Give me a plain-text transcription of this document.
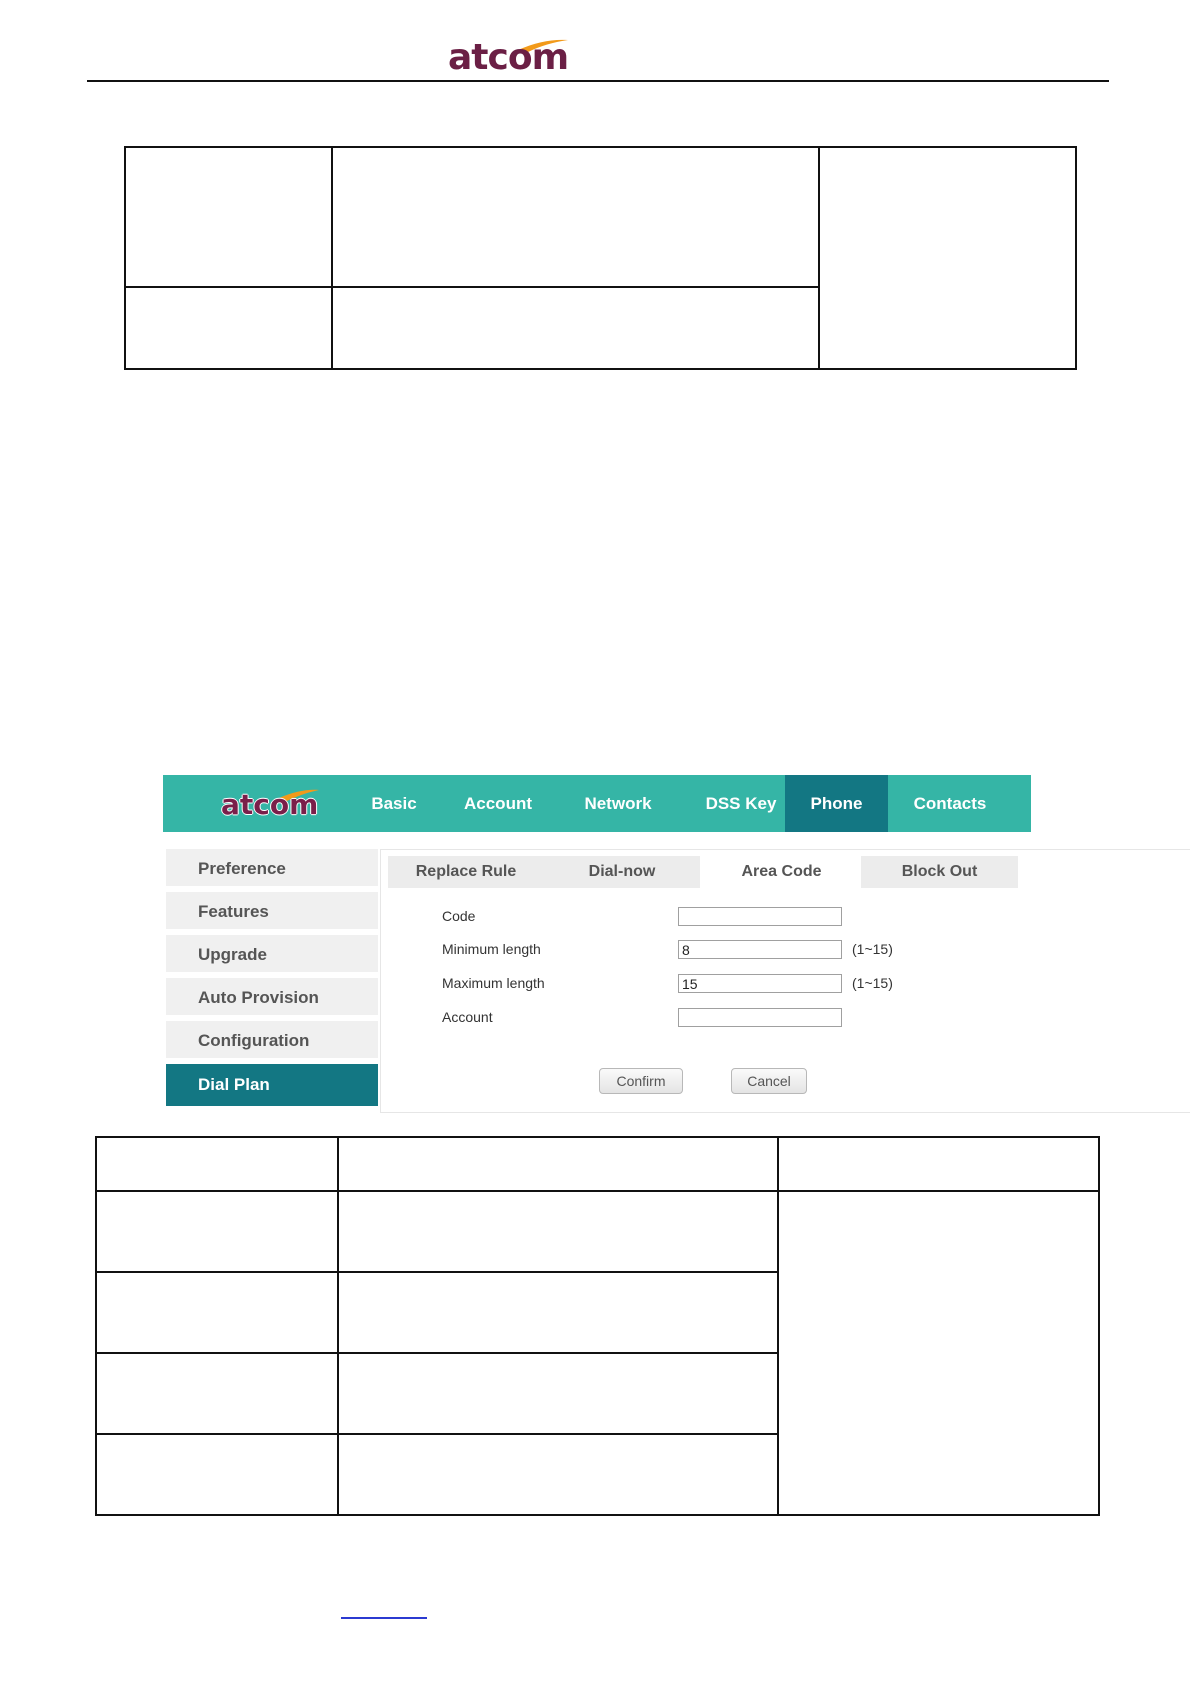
atcom

atcom	Basic	Account	Network	DSS Key	Phone	Contacts
Preference
Features
Upgrade
Auto Provision
Configuration
Dial Plan
Replace Rule	Dial-now	Area Code	Block Out
Code
Minimum length
8	(1~15)
Maximum length
15	(1~15)
Account
Confirm	Cancel
